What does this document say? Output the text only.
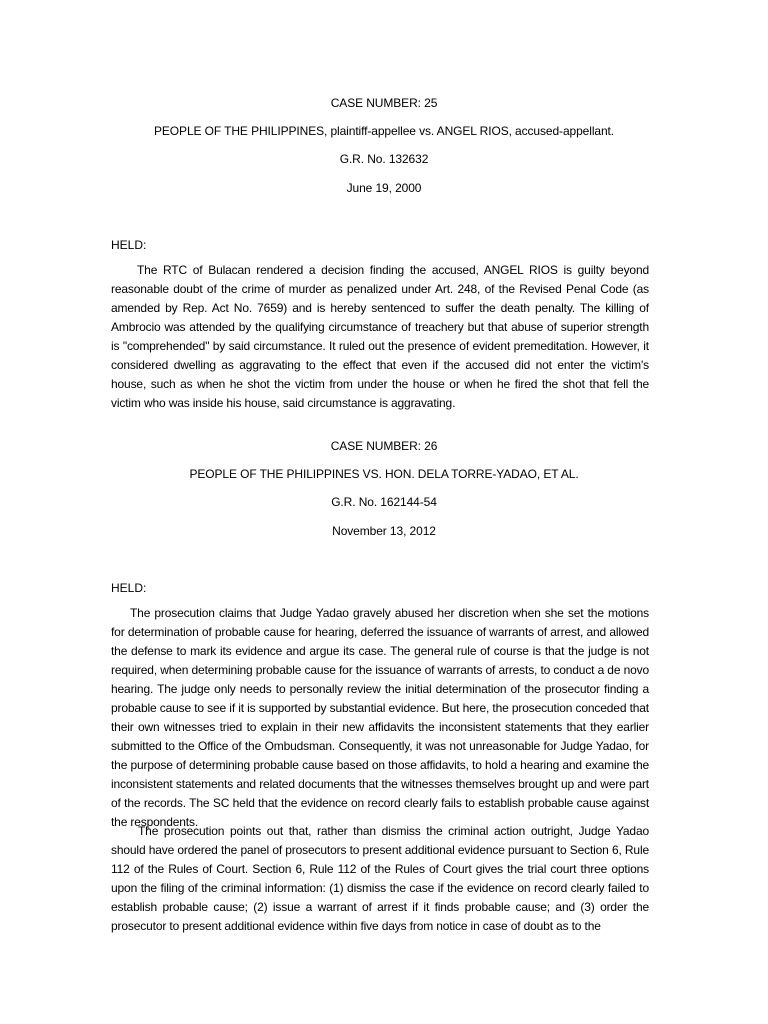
CASE NUMBER: 25
PEOPLE OF THE PHILIPPINES, plaintiff-appellee vs. ANGEL RIOS, accused-appellant.
G.R. No. 132632
June 19, 2000
HELD:
The RTC of Bulacan rendered a decision finding the accused, ANGEL RIOS is guilty beyond reasonable doubt of the crime of murder as penalized under Art. 248, of the Revised Penal Code (as amended by Rep. Act No. 7659) and is hereby sentenced to suffer the death penalty. The killing of Ambrocio was attended by the qualifying circumstance of treachery but that abuse of superior strength is "comprehended" by said circumstance. It ruled out the presence of evident premeditation. However, it considered dwelling as aggravating to the effect that even if the accused did not enter the victim's house, such as when he shot the victim from under the house or when he fired the shot that fell the victim who was inside his house, said circumstance is aggravating.
CASE NUMBER: 26
PEOPLE OF THE PHILIPPINES VS. HON. DELA TORRE-YADAO, ET AL.
G.R. No. 162144-54
November 13, 2012
HELD:
The prosecution claims that Judge Yadao gravely abused her discretion when she set the motions for determination of probable cause for hearing, deferred the issuance of warrants of arrest, and allowed the defense to mark its evidence and argue its case. The general rule of course is that the judge is not required, when determining probable cause for the issuance of warrants of arrests, to conduct a de novo hearing. The judge only needs to personally review the initial determination of the prosecutor finding a probable cause to see if it is supported by substantial evidence. But here, the prosecution conceded that their own witnesses tried to explain in their new affidavits the inconsistent statements that they earlier submitted to the Office of the Ombudsman. Consequently, it was not unreasonable for Judge Yadao, for the purpose of determining probable cause based on those affidavits, to hold a hearing and examine the inconsistent statements and related documents that the witnesses themselves brought up and were part of the records. The SC held that the evidence on record clearly fails to establish probable cause against the respondents.
The prosecution points out that, rather than dismiss the criminal action outright, Judge Yadao should have ordered the panel of prosecutors to present additional evidence pursuant to Section 6, Rule 112 of the Rules of Court. Section 6, Rule 112 of the Rules of Court gives the trial court three options upon the filing of the criminal information: (1) dismiss the case if the evidence on record clearly failed to establish probable cause; (2) issue a warrant of arrest if it finds probable cause; and (3) order the prosecutor to present additional evidence within five days from notice in case of doubt as to the
